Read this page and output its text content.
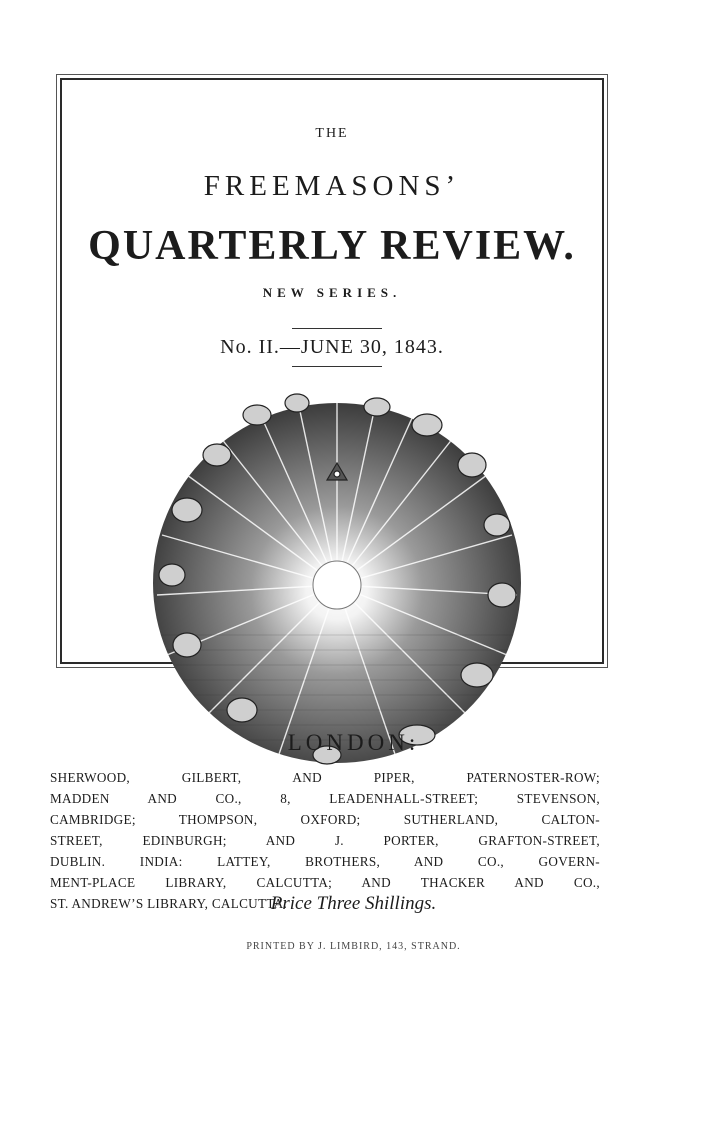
THE
FREEMASONS’
QUARTERLY REVIEW.
NEW SERIES.
No. II.—JUNE 30, 1843.
LONDON:
SHERWOOD, GILBERT, AND PIPER, PATERNOSTER-ROW;
MADDEN AND CO., 8, LEADENHALL-STREET; STEVENSON,
CAMBRIDGE; THOMPSON, OXFORD; SUTHERLAND, CALTON-
STREET, EDINBURGH; AND J. PORTER, GRAFTON-STREET,
DUBLIN. INDIA: LATTEY, BROTHERS, AND CO., GOVERN-
MENT-PLACE LIBRARY, CALCUTTA; AND THACKER AND CO.,
ST. ANDREW’S LIBRARY, CALCUTTA.
Price Three Shillings.
PRINTED BY J. LIMBIRD, 143, STRAND.
